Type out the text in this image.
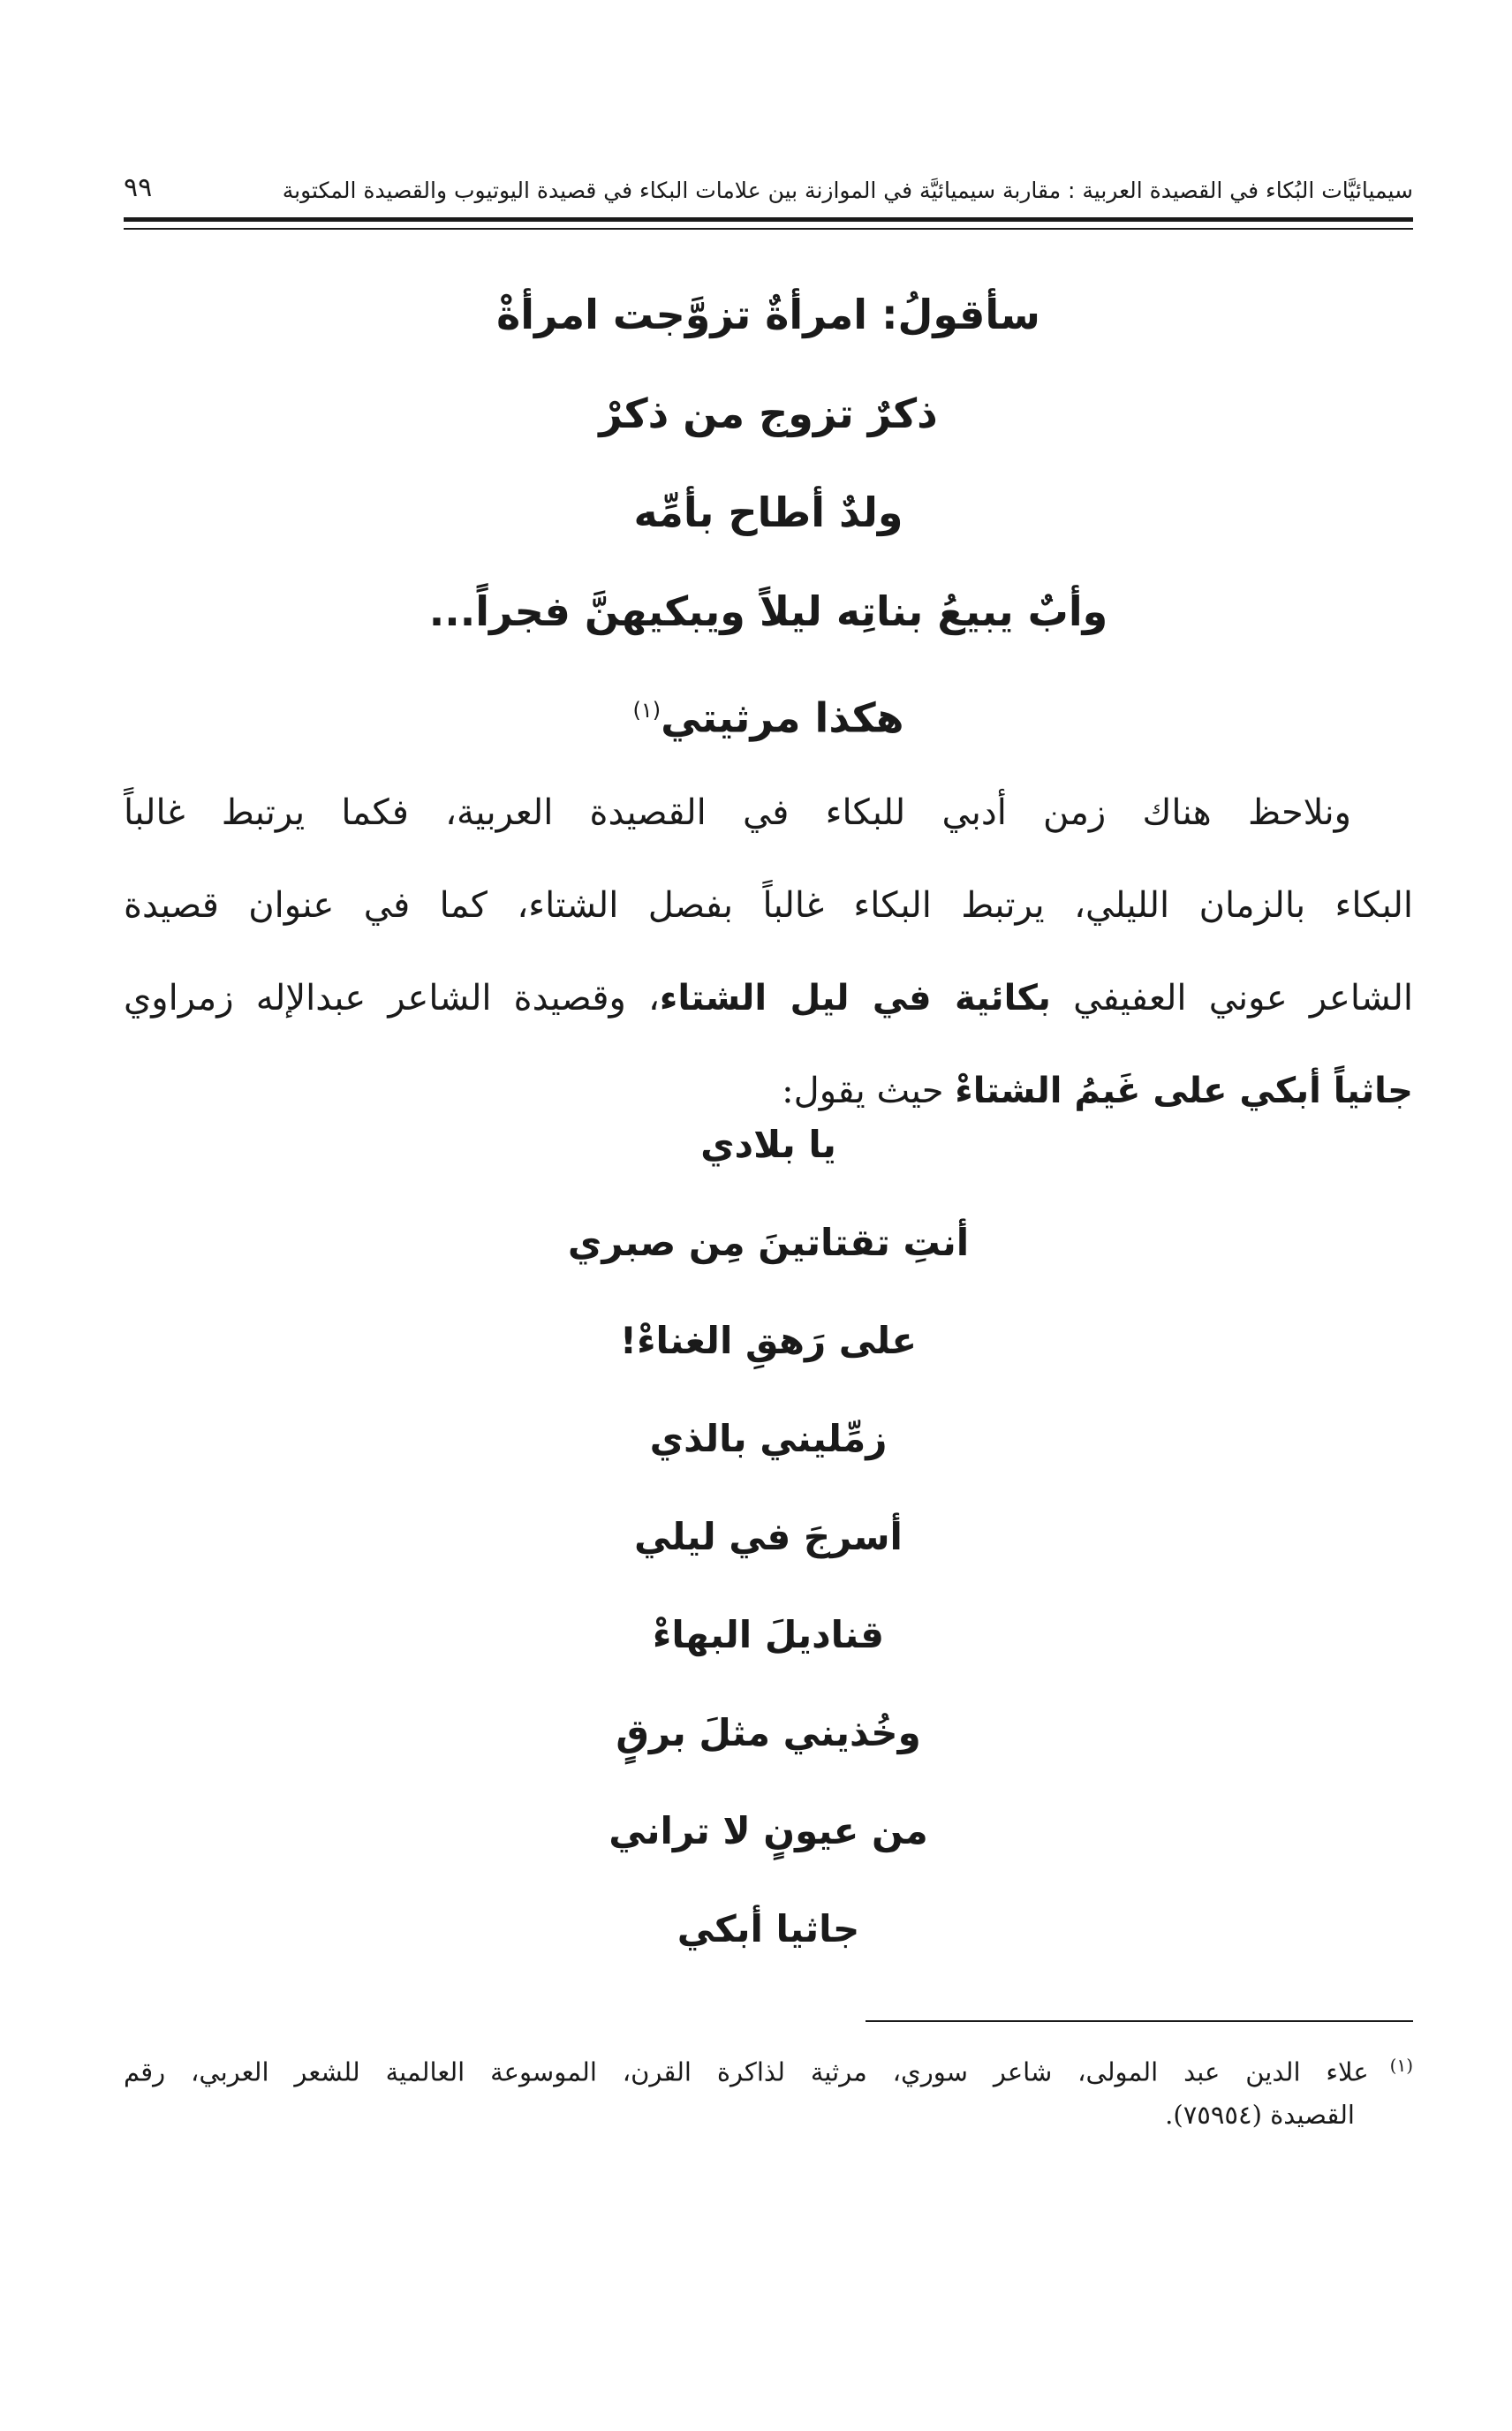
سيميائيَّات البُكاء في القصيدة العربية : مقاربة سيميائيَّة في الموازنة بين علامات البكاء في قصيدة اليوتيوب والقصيدة المكتوبة
٩٩
سأقولُ: امرأةٌ تزوَّجت امرأةْ
ذكرٌ تزوج من ذكرْ
ولدٌ أطاح بأمِّه
وأبٌ يبيعُ بناتِه ليلاً ويبكيهنَّ فجراً...
هكذا مرثيتي$^{(١)}$
ونلاحظ هناك زمن أدبي للبكاء في القصيدة العربية، فكما يرتبط غالباً
البكاء بالزمان الليلي، يرتبط البكاء غالباً بفصل الشتاء، كما في عنوان قصيدة
الشاعر عوني العفيفي بكائية في ليل الشتاء، وقصيدة الشاعر عبدالإله زمراوي
جاثياً أبكي على غَيمُ الشتاءْ حيث يقول:
يا بلادي
أنتِ تقتاتينَ مِن صبري
على رَهقِ الغناءْ!
زمِّليني بالذي
أسرجَ في ليلي
قناديلَ البهاءْ
وخُذيني مثلَ برقٍ
من عيونٍ لا تراني
جاثيا أبكي
$^{(١)}$علاء الدين عبد المولى، شاعر سوري، مرثية لذاكرة القرن، الموسوعة العالمية للشعر العربي، رقم
القصيدة (٧٥٩٥٤).
